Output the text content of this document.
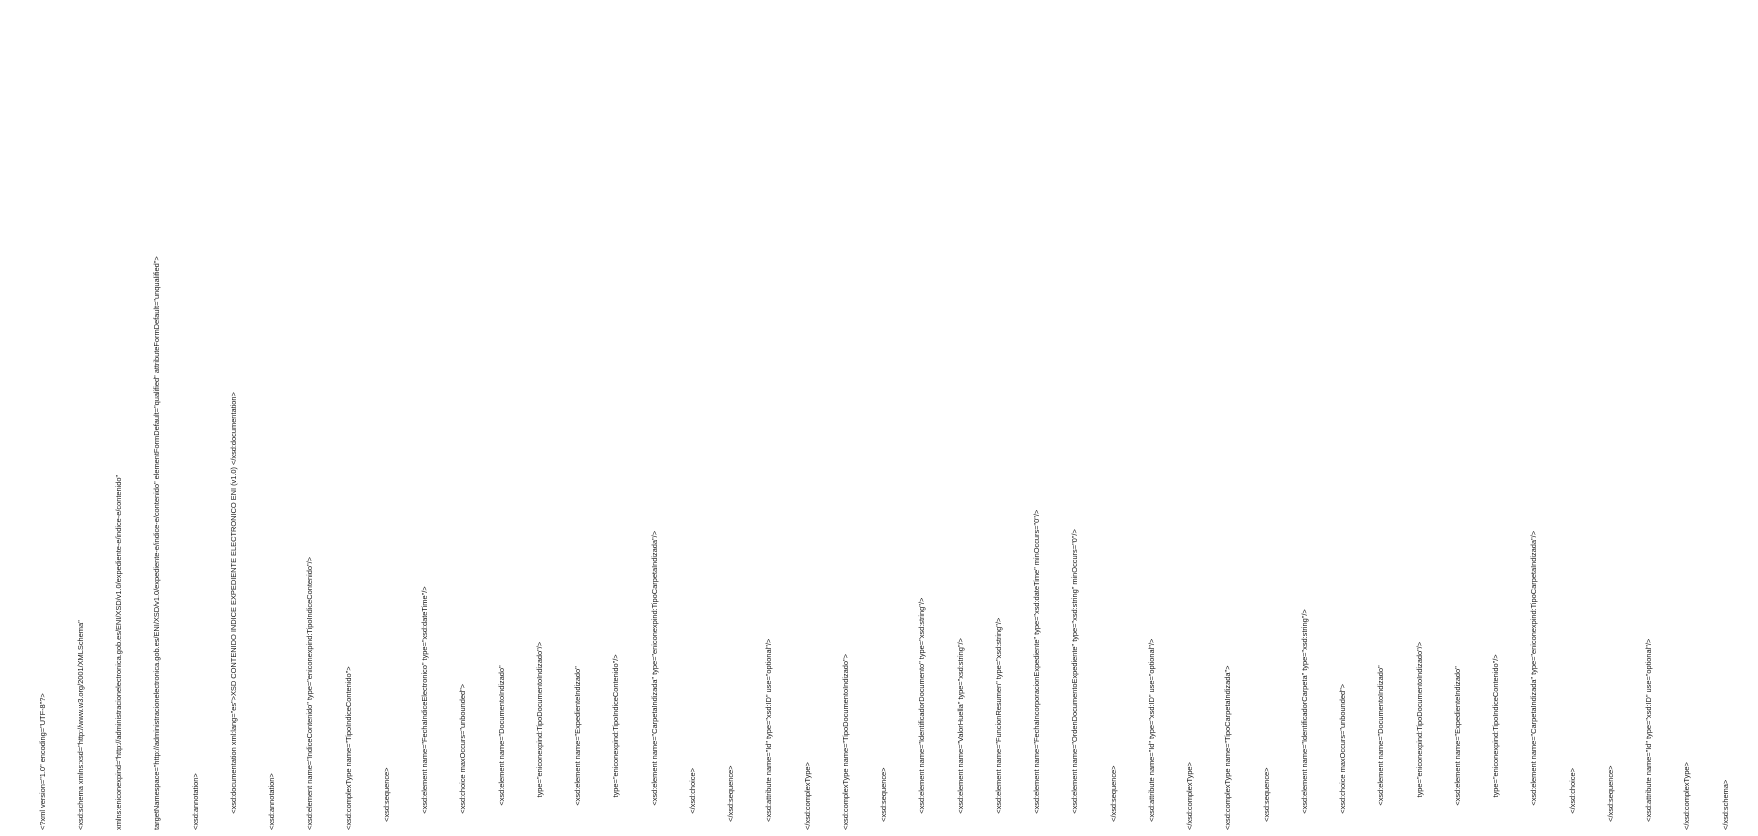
<?xml version="1.0" encoding="UTF-8"?>

	<xsd:schema xmlns:xsd="http://www.w3.org/2001/XMLSchema"

	xmlns:eniconexpind="http://administracionelectronica.gob.es/ENI/XSD/v1.0/expediente-e/indice-e/contenido"

	targetNamespace="http://administracionelectronica.gob.es/ENI/XSD/v1.0/expediente-e/indice-e/contenido" elementFormDefault="qualified" attributeFormDefault="unqualified">

	<xsd:annotation>

	<xsd:documentation xml:lang="es">XSD CONTENIDO INDICE EXPEDIENTE ELECTRONICO ENI (v1.0) </xsd:documentation>

	<xsd:annotation>

	<xsd:element name="IndiceContenido" type="eniconexpind:TipoIndiceContenido"/>

	<xsd:complexType name="TipoIndiceContenido">

	<xsd:sequence>

	<xsd:element name="FechaIndiceElectronico" type="xsd:dateTime"/>

	<xsd:choice maxOccurs="unbounded">

	<xsd:element name="DocumentoIndizado"

	type="eniconexpind:TipoDocumentoIndizado"/>

	<xsd:element name="ExpedienteIndizado"

	type="eniconexpind:TipoIndiceContenido"/>

	<xsd:element name="CarpetaIndizada" type="eniconexpind:TipoCarpetaIndizada"/>

	</xsd:choice>

	</xsd:sequence>

	<xsd:attribute name="Id" type="xsd:ID" use="optional"/>

	</xsd:complexType>

	<xsd:complexType name="TipoDocumentoIndizado">

	<xsd:sequence>

	<xsd:element name="IdentificadorDocumento" type="xsd:string"/>

	<xsd:element name="ValorHuella" type="xsd:string"/>

	<xsd:element name="FuncionResumen" type="xsd:string"/>

	<xsd:element name="FechaIncorporacionExpediente" type="xsd:dateTime" minOccurs="0"/>

	<xsd:element name="OrdenDocumentoExpediente" type="xsd:string" minOccurs="0"/>

	</xsd:sequence>

	<xsd:attribute name="Id" type="xsd:ID" use="optional"/>

	</xsd:complexType>

	<xsd:complexType name="TipoCarpetaIndizada">

	<xsd:sequence>

	<xsd:element name="IdentificadorCarpeta" type="xsd:string"/>

	<xsd:choice maxOccurs="unbounded">

	<xsd:element name="DocumentoIndizado"

	type="eniconexpind:TipoDocumentoIndizado"/>

	<xsd:element name="ExpedienteIndizado"

	type="eniconexpind:TipoIndiceContenido"/>

	<xsd:element name="CarpetaIndizada" type="eniconexpind:TipoCarpetaIndizada"/>

	</xsd:choice>

	</xsd:sequence>

	<xsd:attribute name="Id" type="xsd:ID" use="optional"/>

	</xsd:complexType>

	</xsd:schema>
